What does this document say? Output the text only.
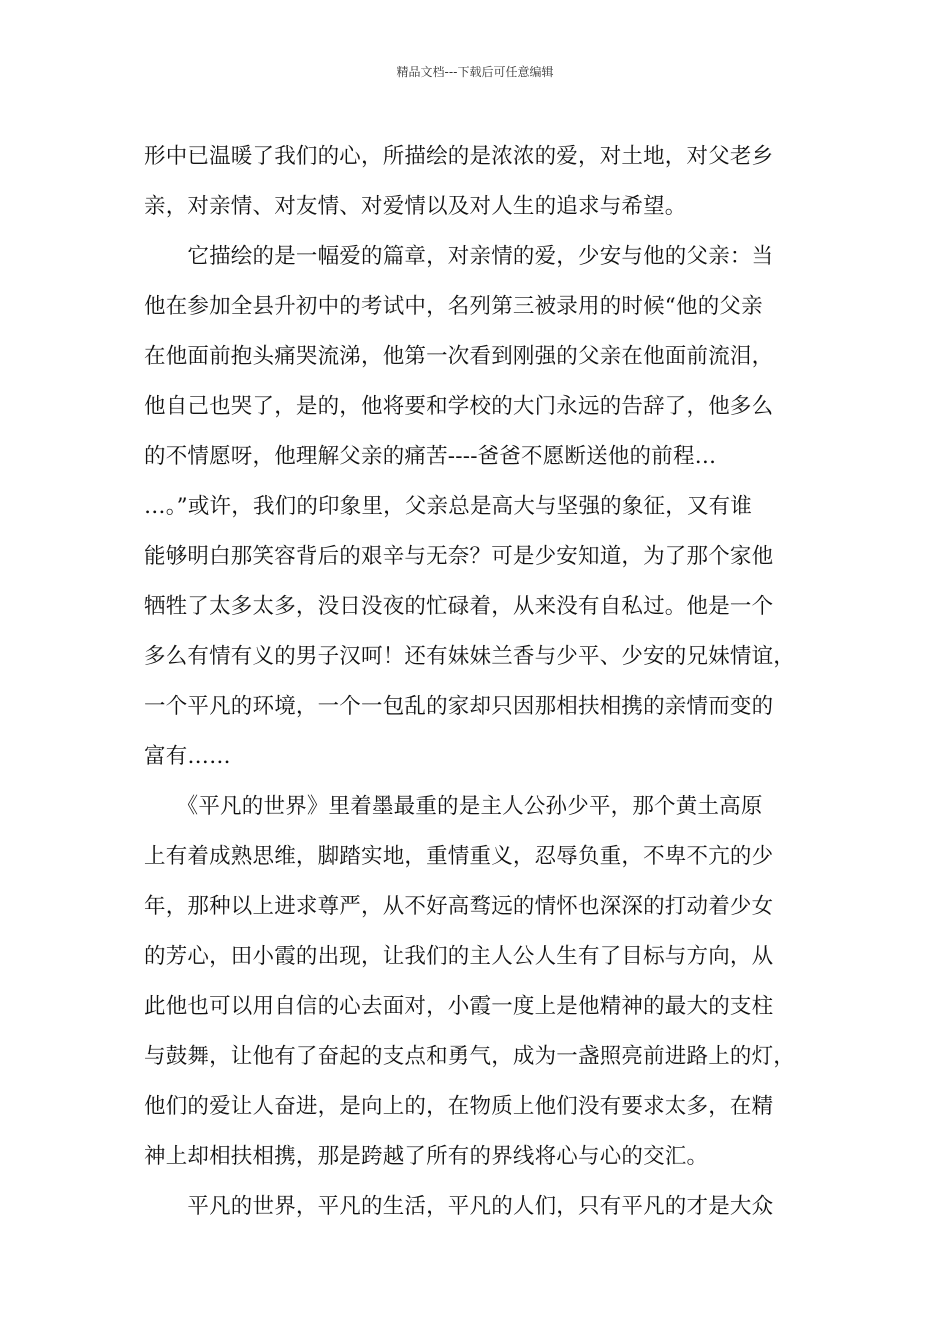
精品文档---下载后可任意编辑
形中已温暖了我们的心，所描绘的是浓浓的爱，对土地，对父老乡
亲，对亲情、对友情、对爱情以及对人生的追求与希望。
　　它描绘的是一幅爱的篇章，对亲情的爱，少安与他的父亲：当
他在参加全县升初中的考试中，名列第三被录用的时候“他的父亲
在他面前抱头痛哭流涕，他第一次看到刚强的父亲在他面前流泪，
他自己也哭了，是的，他将要和学校的大门永远的告辞了，他多么
的不情愿呀，他理解父亲的痛苦----爸爸不愿断送他的前程…
…。”或许，我们的印象里，父亲总是高大与坚强的象征，又有谁
能够明白那笑容背后的艰辛与无奈？可是少安知道，为了那个家他
牺牲了太多太多，没日没夜的忙碌着，从来没有自私过。他是一个
多么有情有义的男子汉呵！还有妹妹兰香与少平、少安的兄妹情谊，
一个平凡的环境，一个一包乱的家却只因那相扶相携的亲情而变的
富有……
　　《平凡的世界》里着墨最重的是主人公孙少平，那个黄土高原
上有着成熟思维，脚踏实地，重情重义，忍辱负重，不卑不亢的少
年，那种以上进求尊严，从不好高骛远的情怀也深深的打动着少女
的芳心，田小霞的出现，让我们的主人公人生有了目标与方向，从
此他也可以用自信的心去面对，小霞一度上是他精神的最大的支柱
与鼓舞，让他有了奋起的支点和勇气，成为一盏照亮前进路上的灯，
他们的爱让人奋进，是向上的，在物质上他们没有要求太多，在精
神上却相扶相携，那是跨越了所有的界线将心与心的交汇。
　　平凡的世界，平凡的生活，平凡的人们，只有平凡的才是大众
